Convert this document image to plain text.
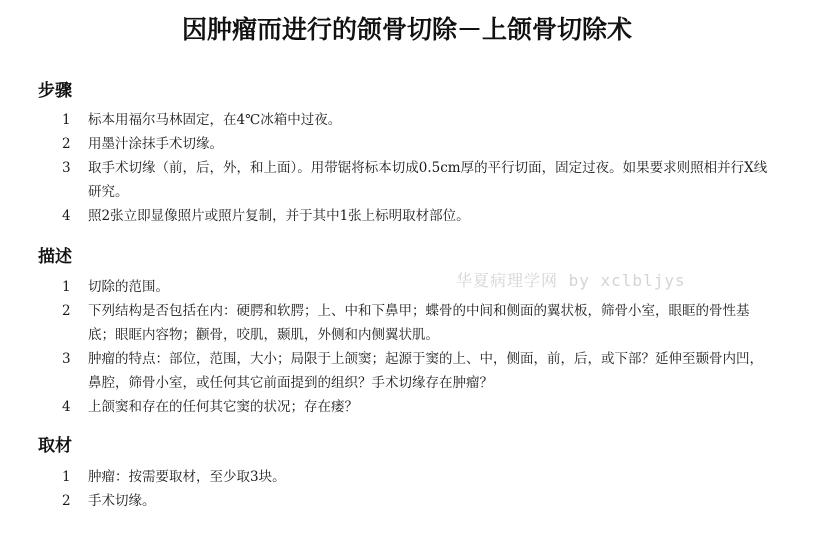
因肿瘤而进行的颌骨切除－上颌骨切除术
步骤
1 标本用福尔马林固定，在4℃冰箱中过夜。
2 用墨汁涂抹手术切缘。
3 取手术切缘（前，后，外，和上面）。用带锯将标本切成0.5cm厚的平行切面，固定过夜。如果要求则照相并行X线研究。
4 照2张立即显像照片或照片复制，并于其中1张上标明取材部位。
描述
1 切除的范围。
2 下列结构是否包括在内：硬腭和软腭；上、中和下鼻甲；蝶骨的中间和侧面的翼状板，筛骨小室，眼眶的骨性基底；眼眶内容物；颧骨，咬肌，颞肌，外侧和内侧翼状肌。
3 肿瘤的特点：部位，范围，大小；局限于上颌窦；起源于窦的上、中，侧面，前，后，或下部？延伸至颞骨内凹，鼻腔，筛骨小室，或任何其它前面提到的组织？手术切缘存在肿瘤？
4 上颌窦和存在的任何其它窦的状况；存在瘘？
取材
1 肿瘤：按需要取材，至少取3块。
2 手术切缘。
华夏病理学网 by xclbljys
